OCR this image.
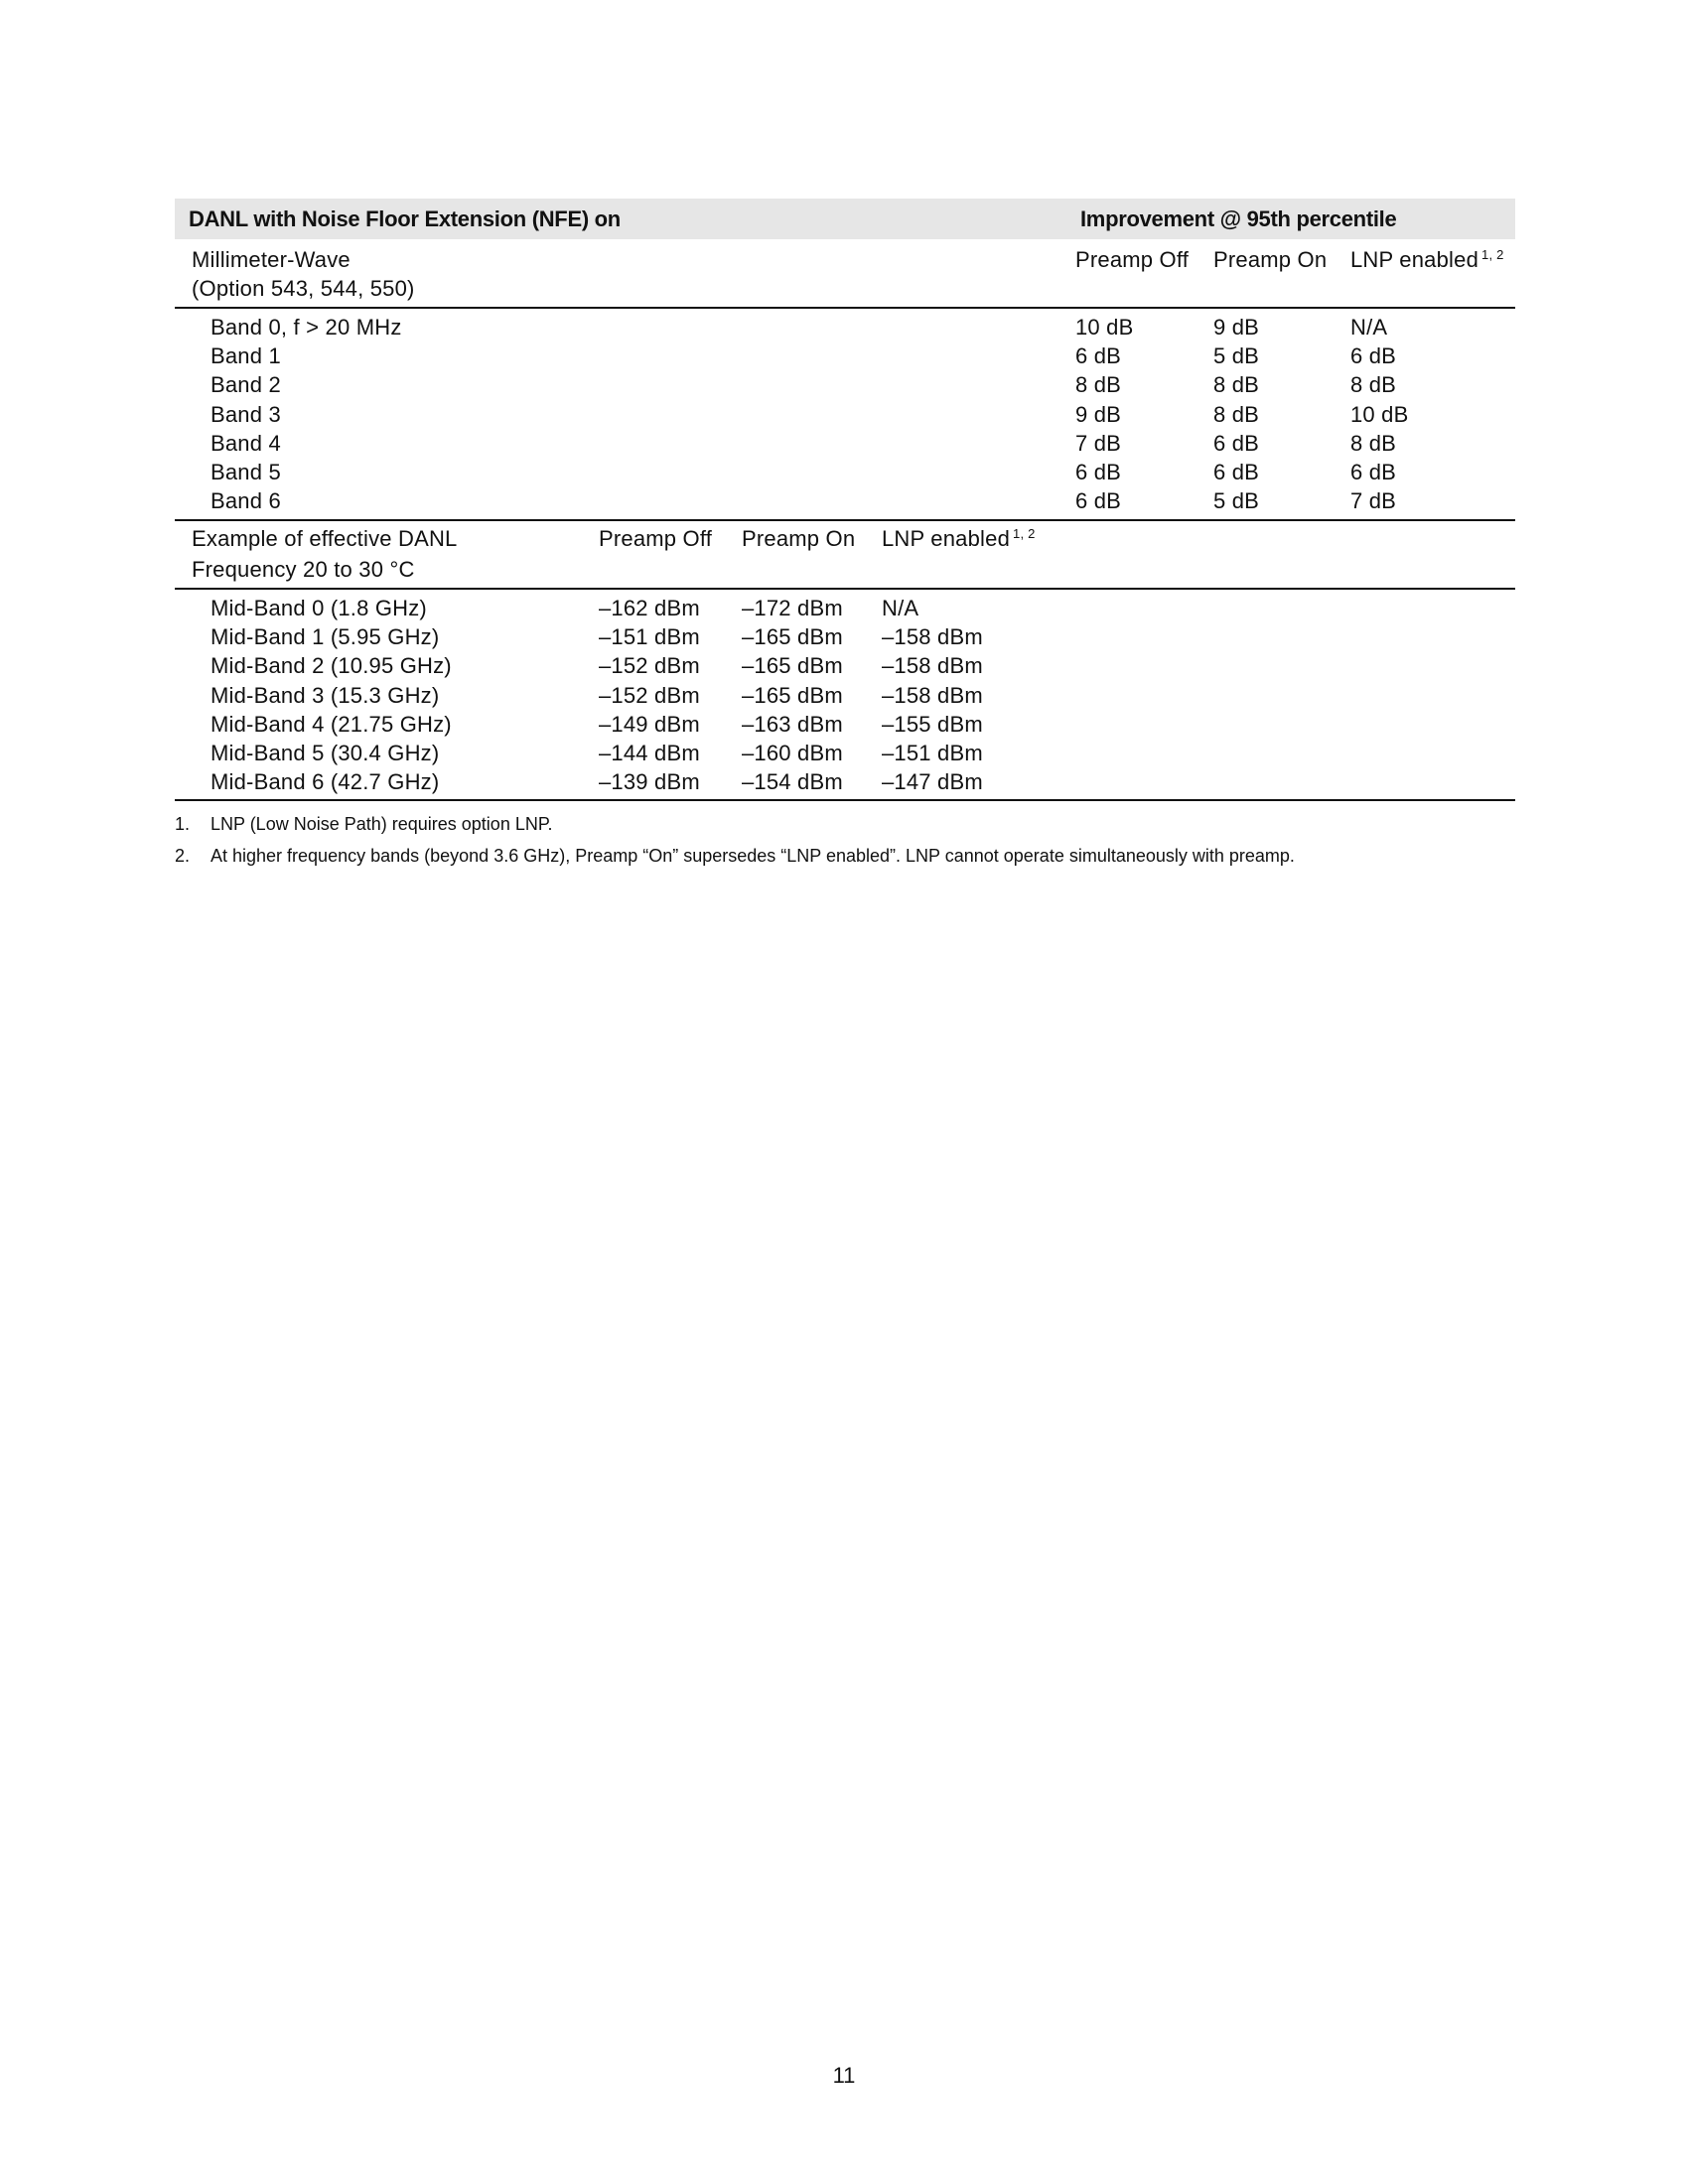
DANL with Noise Floor Extension (NFE) on	Improvement @ 95th percentile
Millimeter-Wave
(Option 543, 544, 550)
Preamp Off Preamp On LNP enabled $^{1, 2}$
Band 0, f > 20 MHz	10 dB	9 dB	N/A
Band 1	6 dB	5 dB	6 dB
Band 2	8 dB	8 dB	8 dB
Band 3	9 dB	8 dB	10 dB
Band 4	7 dB	6 dB	8 dB
Band 5	6 dB	6 dB	6 dB
Band 6	6 dB	5 dB	7 dB
Example of effective DANL
Frequency 20 to 30 °C
Preamp Off Preamp On LNP enabled $^{1, 2}$
Mid-Band 0 (1.8 GHz)	–162 dBm –172 dBm N/A
Mid-Band 1 (5.95 GHz)	–151 dBm –165 dBm –158 dBm
Mid-Band 2 (10.95 GHz)	–152 dBm –165 dBm –158 dBm
Mid-Band 3 (15.3 GHz)	–152 dBm –165 dBm –158 dBm
Mid-Band 4 (21.75 GHz)	–149 dBm –163 dBm –155 dBm
Mid-Band 5 (30.4 GHz)	–144 dBm –160 dBm –151 dBm
Mid-Band 6 (42.7 GHz)	–139 dBm –154 dBm –147 dBm
1. LNP (Low Noise Path) requires option LNP.
2. At higher frequency bands (beyond 3.6 GHz), Preamp “On” supersedes “LNP enabled”. LNP cannot operate simultaneously with preamp.
11
